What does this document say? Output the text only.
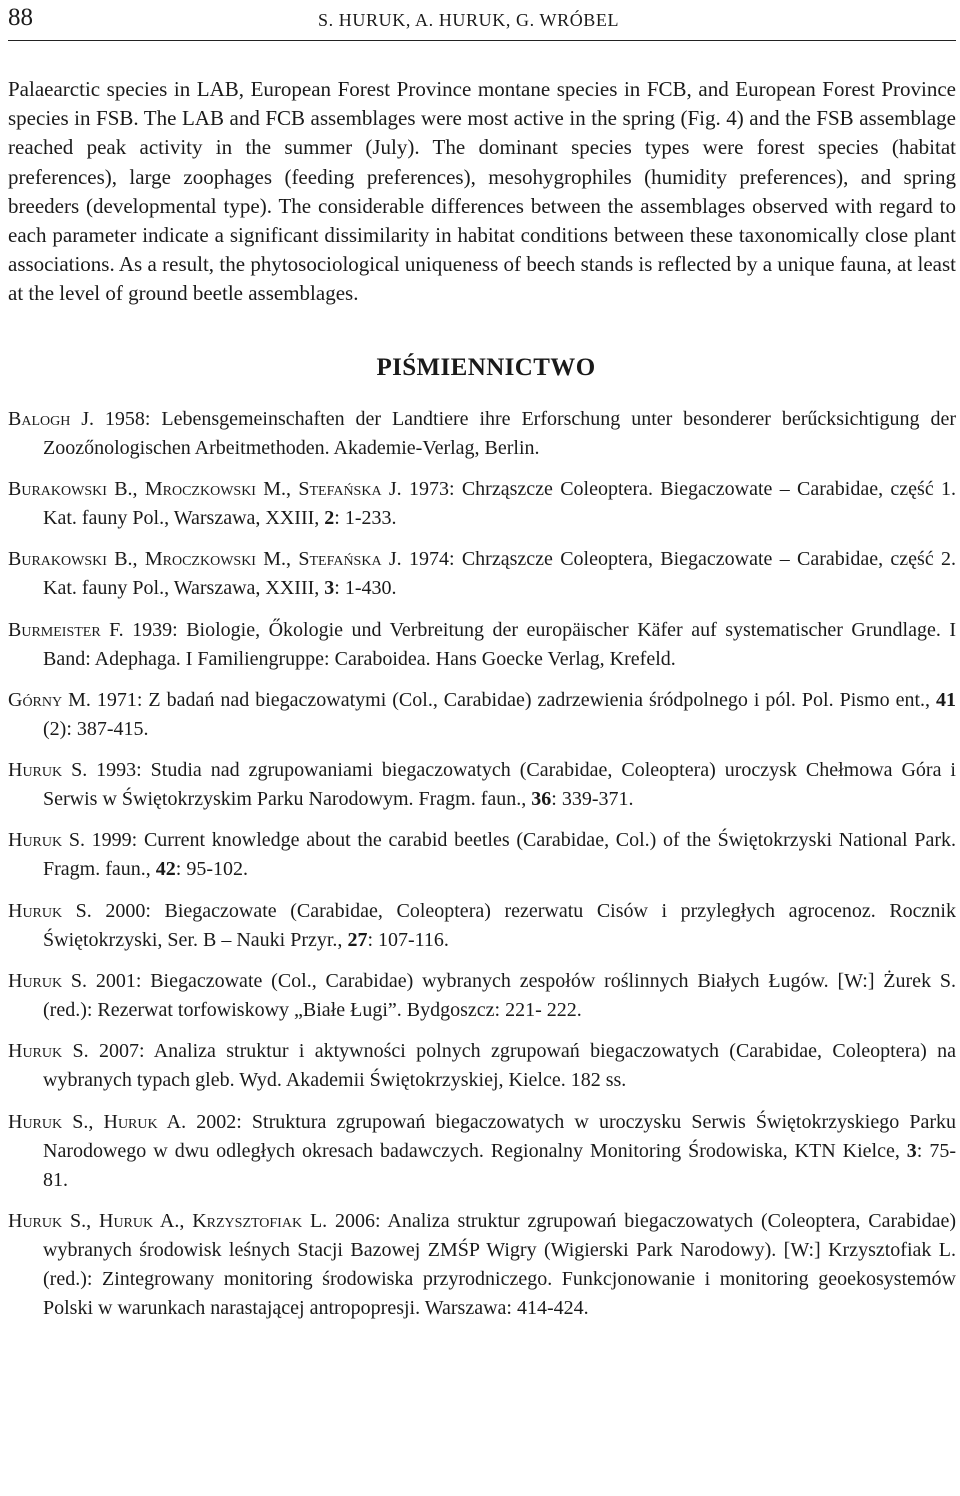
88	S. HURUK, A. HURUK, G. WRÓBEL

Palaearctic species in LAB, European Forest Province montane species in FCB, and European Forest Province species in FSB. The LAB and FCB assemblages were most active in the spring (Fig. 4) and the FSB assemblage reached peak activity in the summer (July). The dominant species types were forest species (habitat preferences), large zoophages (feeding preferences), mesohygrophiles (humidity preferences), and spring breeders (developmental type). The considerable differences between the assemblages observed with regard to each parameter indicate a significant dissimilarity in habitat conditions between these taxonomically close plant associations. As a result, the phytosociological uniqueness of beech stands is reflected by a unique fauna, at least at the level of ground beetle assemblages.

PIŚMIENNICTWO

Balogh J. 1958: Lebensgemeinschaften der Landtiere ihre Erforschung unter besonderer berűcksichtigung der Zoozőnologischen Arbeitmethoden. Akademie-Verlag, Berlin.

Burakowski B., Mroczkowski M., Stefańska J. 1973: Chrząszcze Coleoptera. Biegaczowate – Carabidae, część 1. Kat. fauny Pol., Warszawa, XXIII, 2: 1-233.

Burakowski B., Mroczkowski M., Stefańska J. 1974: Chrząszcze Coleoptera, Biegaczowate – Carabidae, część 2. Kat. fauny Pol., Warszawa, XXIII, 3: 1-430.

Burmeister F. 1939: Biologie, Őkologie und Verbreitung der europäischer Käfer auf systematischer Grundlage. I Band: Adephaga. I Familiengruppe: Caraboidea. Hans Goecke Verlag, Krefeld.

Górny M. 1971: Z badań nad biegaczowatymi (Col., Carabidae) zadrzewienia śródpolnego i pól. Pol. Pismo ent., 41 (2): 387-415.

Huruk S. 1993: Studia nad zgrupowaniami biegaczowatych (Carabidae, Coleoptera) uroczysk Chełmowa Góra i Serwis w Świętokrzyskim Parku Narodowym. Fragm. faun., 36: 339-371.

Huruk S. 1999: Current knowledge about the carabid beetles (Carabidae, Col.) of the Świętokrzyski National Park. Fragm. faun., 42: 95-102.

Huruk S. 2000: Biegaczowate (Carabidae, Coleoptera) rezerwatu Cisów i przyległych agrocenoz. Rocznik Świętokrzyski, Ser. B – Nauki Przyr., 27: 107-116.

Huruk S. 2001: Biegaczowate (Col., Carabidae) wybranych zespołów roślinnych Białych Ługów. [W:] Żurek S. (red.): Rezerwat torfowiskowy „Białe Ługi”. Bydgoszcz: 221- 222.

Huruk S. 2007: Analiza struktur i aktywności polnych zgrupowań biegaczowatych (Carabidae, Coleoptera) na wybranych typach gleb. Wyd. Akademii Świętokrzyskiej, Kielce. 182 ss.

Huruk S., Huruk A. 2002: Struktura zgrupowań biegaczowatych w uroczysku Serwis Świętokrzyskiego Parku Narodowego w dwu odległych okresach badawczych. Regionalny Monitoring Środowiska, KTN Kielce, 3: 75-81.

Huruk S., Huruk A., Krzysztofiak L. 2006: Analiza struktur zgrupowań biegaczowatych (Coleoptera, Carabidae) wybranych środowisk leśnych Stacji Bazowej ZMŚP Wigry (Wigierski Park Narodowy). [W:] Krzysztofiak L. (red.): Zintegrowany monitoring środowiska przyrodniczego. Funkcjonowanie i monitoring geoekosystemów Polski w warunkach narastającej antropopresji. Warszawa: 414-424.
